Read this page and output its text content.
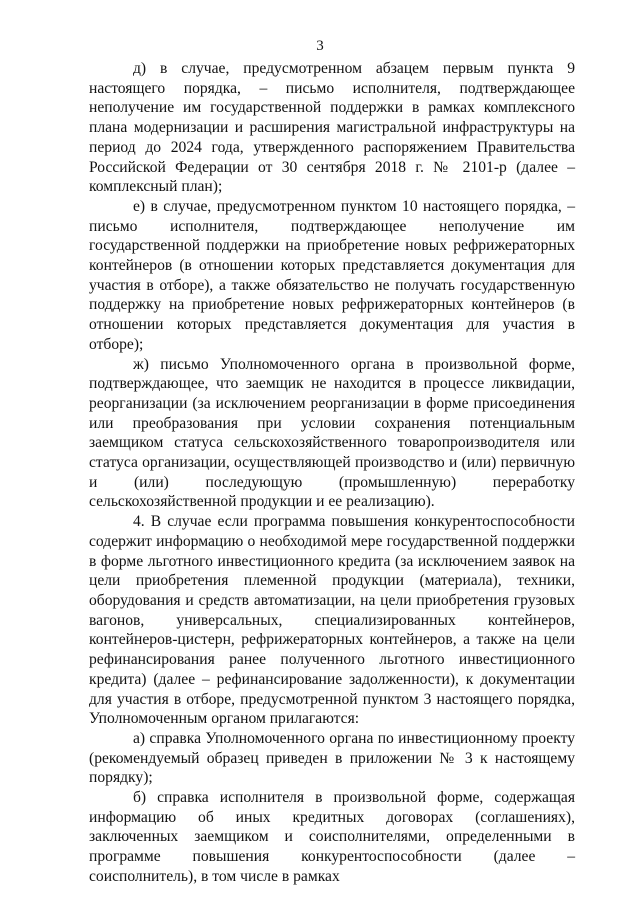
3

д) в случае, предусмотренном абзацем первым пункта 9 настоящего порядка, – письмо исполнителя, подтверждающее неполучение им государственной поддержки в рамках комплексного плана модернизации и расширения магистральной инфраструктуры на период до 2024 года, утвержденного распоряжением Правительства Российской Федерации от 30 сентября 2018 г. № 2101-р (далее – комплексный план);

е) в случае, предусмотренном пунктом 10 настоящего порядка, – письмо исполнителя, подтверждающее неполучение им государственной поддержки на приобретение новых рефрижераторных контейнеров (в отношении которых представляется документация для участия в отборе), а также обязательство не получать государственную поддержку на приобретение новых рефрижераторных контейнеров (в отношении которых представляется документация для участия в отборе);

ж) письмо Уполномоченного органа в произвольной форме, подтверждающее, что заемщик не находится в процессе ликвидации, реорганизации (за исключением реорганизации в форме присоединения или преобразования при условии сохранения потенциальным заемщиком статуса сельскохозяйственного товаропроизводителя или статуса организации, осуществляющей производство и (или) первичную и (или) последующую (промышленную) переработку сельскохозяйственной продукции и ее реализацию).

4. В случае если программа повышения конкурентоспособности содержит информацию о необходимой мере государственной поддержки в форме льготного инвестиционного кредита (за исключением заявок на цели приобретения племенной продукции (материала), техники, оборудования и средств автоматизации, на цели приобретения грузовых вагонов, универсальных, специализированных контейнеров, контейнеров-цистерн, рефрижераторных контейнеров, а также на цели рефинансирования ранее полученного льготного инвестиционного кредита) (далее – рефинансирование задолженности), к документации для участия в отборе, предусмотренной пунктом 3 настоящего порядка, Уполномоченным органом прилагаются:

а) справка Уполномоченного органа по инвестиционному проекту (рекомендуемый образец приведен в приложении № 3 к настоящему порядку);

б) справка исполнителя в произвольной форме, содержащая информацию об иных кредитных договорах (соглашениях), заключенных заемщиком и соисполнителями, определенными в программе повышения конкурентоспособности (далее – соисполнитель), в том числе в рамках
